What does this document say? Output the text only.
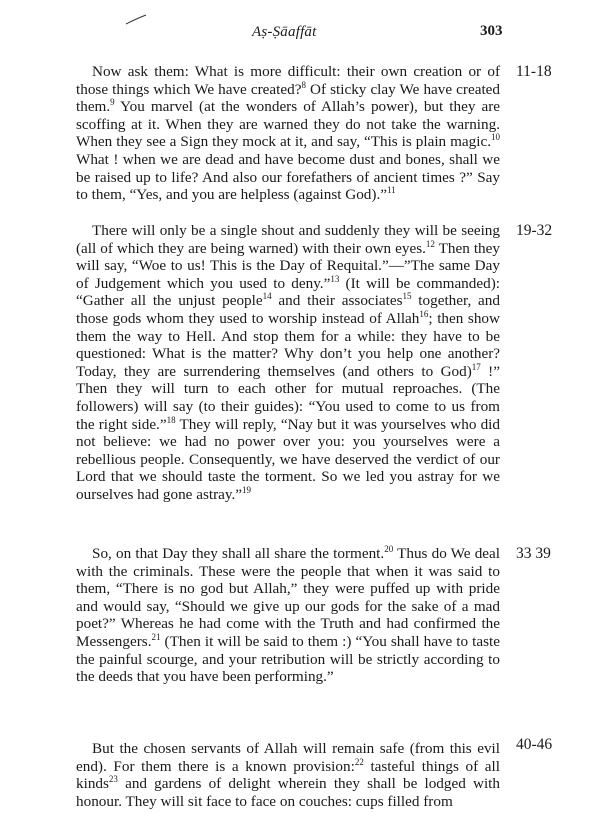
Aṣ-Ṣāaffāt	303
Now ask them: What is more difficult: their own creation or of those things which We have created?$^8$ Of sticky clay We have created them.$^9$ You marvel (at the wonders of Allah’s power), but they are scoffing at it. When they are warned they do not take the warning. When they see a Sign they mock at it, and say, “This is plain magic.$^{10}$ What ! when we are dead and have become dust and bones, shall we be raised up to life? And also our forefathers of ancient times ?” Say to them, “Yes, and you are helpless (against God).”$^{11}$
11-18
There will only be a single shout and suddenly they will be seeing (all of which they are being warned) with their own eyes.$^{12}$ Then they will say, “Woe to us! This is the Day of Requital.”—”The same Day of Judgement which you used to deny.”$^{13}$ (It will be commanded): “Gather all the unjust people$^{14}$ and their associates$^{15}$ together, and those gods whom they used to worship instead of Allah$^{16}$; then show them the way to Hell. And stop them for a while: they have to be questioned: What is the matter? Why don’t you help one another? Today, they are surrendering themselves (and others to God)$^{17}$ !” Then they will turn to each other for mutual reproaches. (The followers) will say (to their guides): “You used to come to us from the right side.”$^{18}$ They will reply, “Nay but it was yourselves who did not believe: we had no power over you: you yourselves were a rebellious people. Consequently, we have deserved the verdict of our Lord that we should taste the torment. So we led you astray for we ourselves had gone astray.”$^{19}$
19-32
So, on that Day they shall all share the torment.$^{20}$ Thus do We deal with the criminals. These were the people that when it was said to them, “There is no god but Allah,” they were puffed up with pride and would say, “Should we give up our gods for the sake of a mad poet?” Whereas he had come with the Truth and had confirmed the Messengers.$^{21}$ (Then it will be said to them :) “You shall have to taste the painful scourge, and your retribution will be strictly according to the deeds that you have been performing.”
33 39
But the chosen servants of Allah will remain safe (from this evil end). For them there is a known provision:$^{22}$ tasteful things of all kinds$^{23}$ and gardens of delight wherein they shall be lodged with honour. They will sit face to face on couches: cups filled from
40-46
